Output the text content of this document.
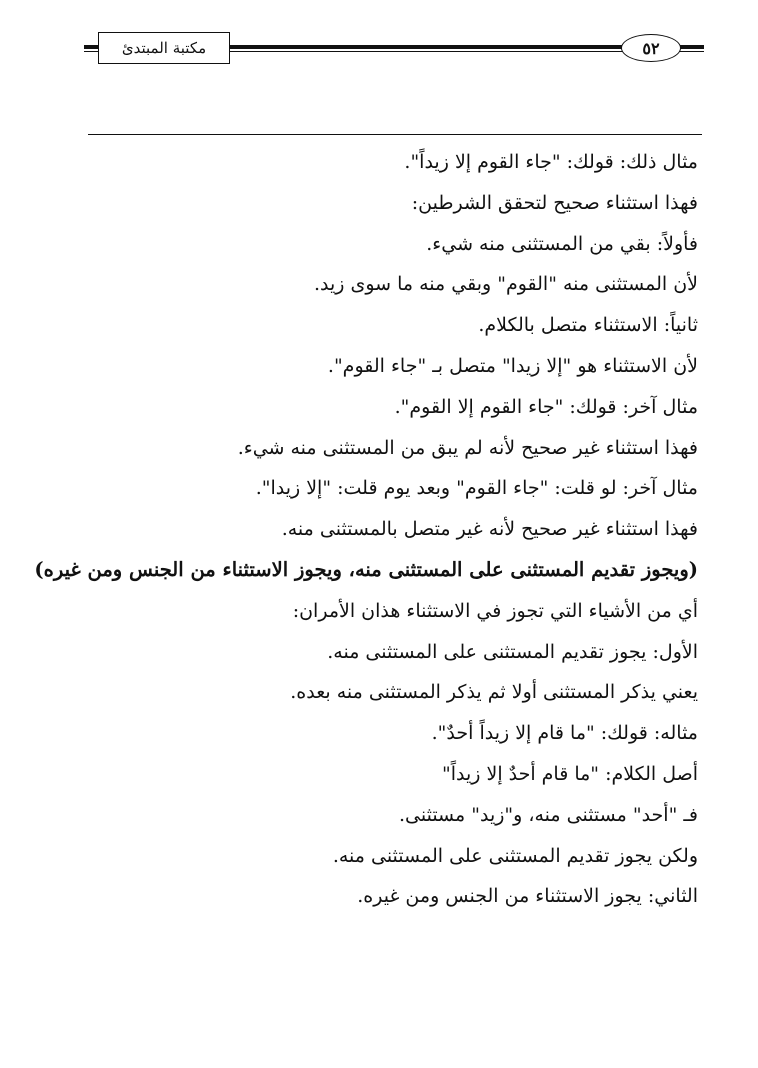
مكتبة المبتدئ	٥٢
مثال ذلك: قولك: "جاء القوم إلا زيداً".
فهذا استثناء صحيح لتحقق الشرطين:
فأولاً: بقي من المستثنى منه شيء.
لأن المستثنى منه "القوم" وبقي منه ما سوى زيد.
ثانياً: الاستثناء متصل بالكلام.
لأن الاستثناء هو "إلا زيدا" متصل بـ "جاء القوم".
مثال آخر: قولك: "جاء القوم إلا القوم".
فهذا استثناء غير صحيح لأنه لم يبق من المستثنى منه شيء.
مثال آخر: لو قلت: "جاء القوم" وبعد يوم قلت: "إلا زيدا".
فهذا استثناء غير صحيح لأنه غير متصل بالمستثنى منه.
(ويجوز تقديم المستثنى على المستثنى منه، ويجوز الاستثناء من الجنس ومن غيره)
أي من الأشياء التي تجوز في الاستثناء هذان الأمران:
الأول: يجوز تقديم المستثنى على المستثنى منه.
يعني يذكر المستثنى أولا ثم يذكر المستثنى منه بعده.
مثاله: قولك: "ما قام إلا زيداً أحدٌ".
أصل الكلام: "ما قام أحدٌ إلا زيداً"
فـ "أحد" مستثنى منه، و"زيد" مستثنى.
ولكن يجوز تقديم المستثنى على المستثنى منه.
الثاني: يجوز الاستثناء من الجنس ومن غيره.
